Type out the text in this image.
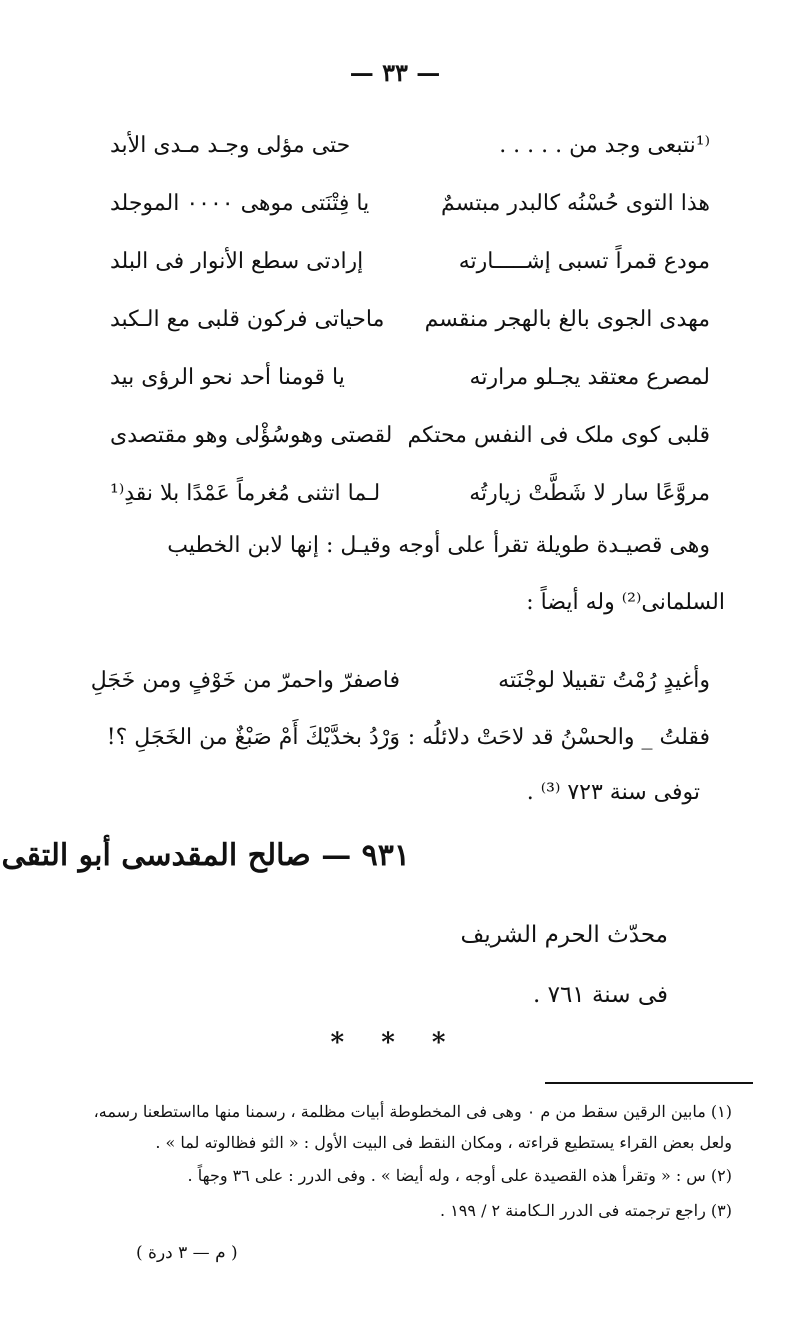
— ٣٣ —
⁽¹نتبعی وجد من . . . . .
حتی مؤلی وجـد مـدی الأبد
هذا التوی حُسْنُه کالبدر مبتسمٌ
یا فِتْنَتی موهی ۰۰۰۰ الموجلد
مودع قمراً تسبی إشـــــارته
إرادتی سطع الأنوار فی البلد
مهدی الجوی بالغ بالهجر منقسم
ماحیاتی فرکون قلبی مع الـکبد
لمصرع معتقد یجـلو مرارته
یا قومنا أحد نحو الرؤی بید
قلبی کوی ملک فی النفس محتکم
لقصتی وهوسُؤْلی وهو مقتصدی
مروَّعًا سار لا شَطَّتْ زیارتُه
لـما اتثنی مُغرماً عَمْدًا بلا نقدِ⁽¹
وهی قصیـدة طویلة تقرأ علی أوجه وقیـل : إنها لابن الخطیب
السلمانی⁽²⁾ وله أیضاً :
وأغیدٍ رُمْتُ تقبیلا لوجْنَته
فاصفرّ واحمرّ من خَوْفٍ ومن خَجَلِ
فقلتُ _ والحسْنُ قد لاحَتْ دلائلُه :
وَرْدُ بخدَّیْكَ أَمْ صَبْغٌ من الخَجَلِ ؟!
توفی سنة ٧٢٣ ⁽³⁾ .
٩٣١ — صالح المقدسی أبو التقی
محدّث الحرم الشریف
فی سنة ٧٦١ .
* * *
(١) مابین الرقین سقط من م ۰ وهی فی المخطوطة أبیات مظلمة ، رسمنا منها مااستطعنا رسمه،
ولعل بعض القراء یستطیع قراءته ، ومکان النقط فی البیت الأول : « الثو فظالوته لما » .
(٢) س : « وتقرأ هذه القصیدة علی أوجه ، وله أیضا » . وفی الدرر : علی ٣٦ وجهاً .
(٣) راجع ترجمته فی الدرر الـکامنة ٢ / ١٩٩ .
( م — ٣ درة )
